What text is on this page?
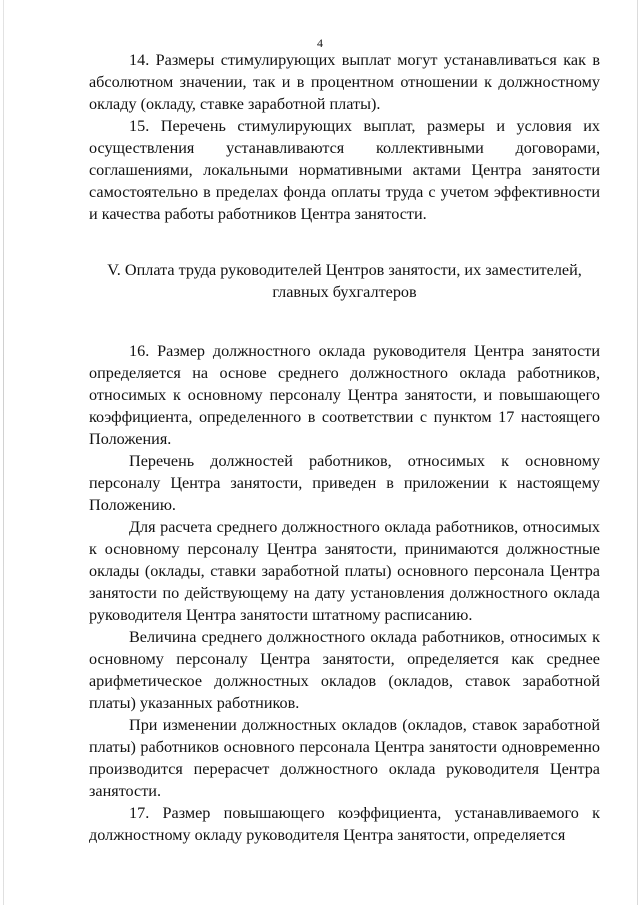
4

14. Размеры стимулирующих выплат могут устанавливаться как в абсолютном значении, так и в процентном отношении к должностному окладу (окладу, ставке заработной платы).

15. Перечень стимулирующих выплат, размеры и условия их осуществления устанавливаются коллективными договорами, соглашениями, локальными нормативными актами Центра занятости самостоятельно в пределах фонда оплаты труда с учетом эффективности и качества работы работников Центра занятости.

V. Оплата труда руководителей Центров занятости, их заместителей,
главных бухгалтеров

16. Размер должностного оклада руководителя Центра занятости определяется на основе среднего должностного оклада работников, относимых к основному персоналу Центра занятости, и повышающего коэффициента, определенного в соответствии с пунктом 17 настоящего Положения.

Перечень должностей работников, относимых к основному персоналу Центра занятости, приведен в приложении к настоящему Положению.

Для расчета среднего должностного оклада работников, относимых к основному персоналу Центра занятости, принимаются должностные оклады (оклады, ставки заработной платы) основного персонала Центра занятости по действующему на дату установления должностного оклада руководителя Центра занятости штатному расписанию.

Величина среднего должностного оклада работников, относимых к основному персоналу Центра занятости, определяется как среднее арифметическое должностных окладов (окладов, ставок заработной платы) указанных работников.

При изменении должностных окладов (окладов, ставок заработной платы) работников основного персонала Центра занятости одновременно производится перерасчет должностного оклада руководителя Центра занятости.

17. Размер повышающего коэффициента, устанавливаемого к должностному окладу руководителя Центра занятости, определяется
